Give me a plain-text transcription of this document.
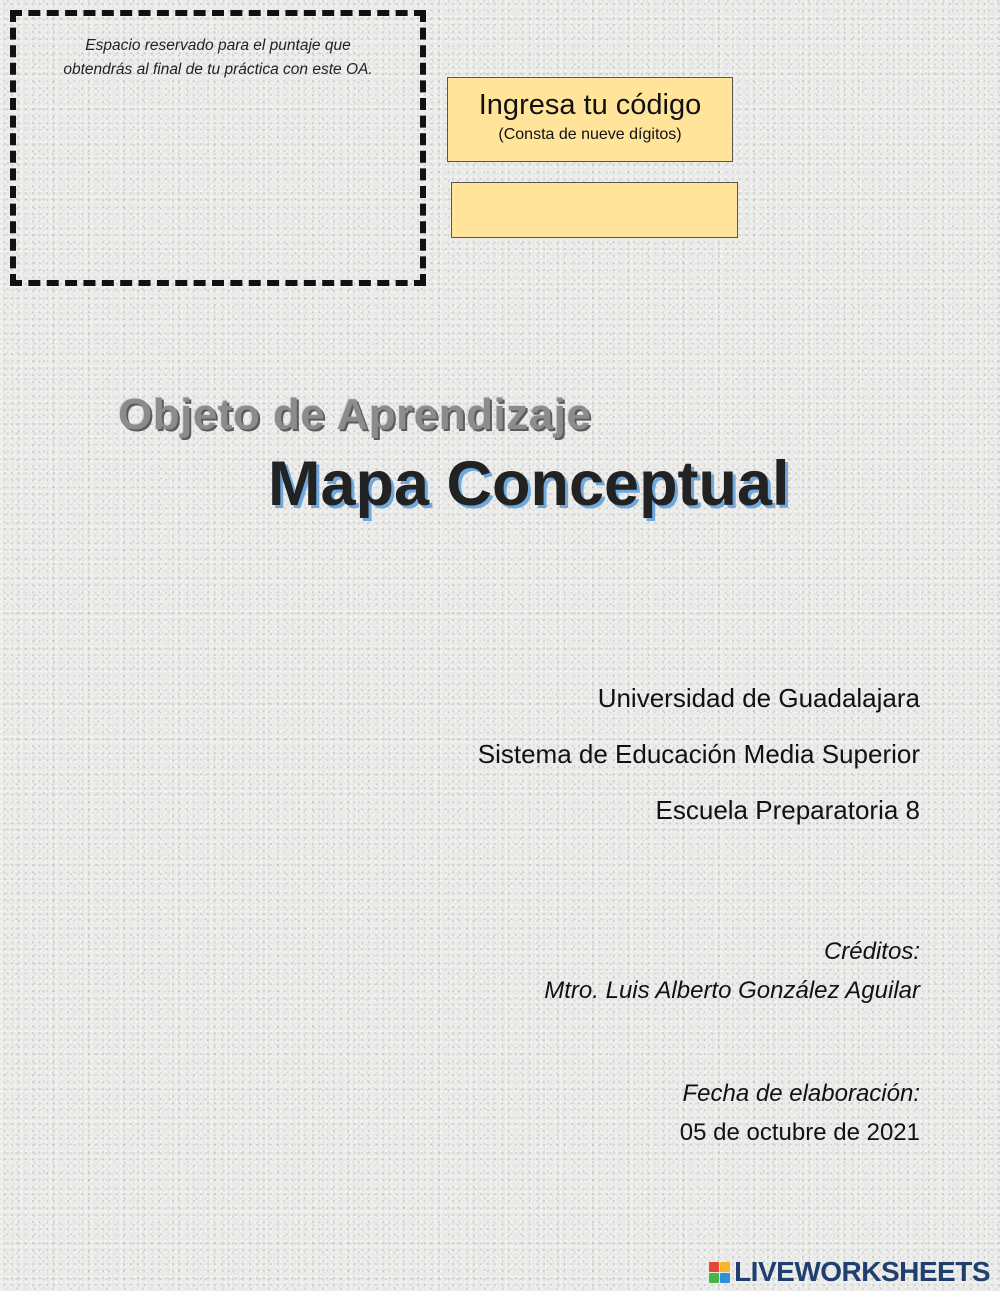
Espacio reservado para el puntaje que
obtendrás al final de tu práctica con este OA.
Ingresa tu código
(Consta de nueve dígitos)
Objeto de Aprendizaje
Mapa Conceptual
Universidad de Guadalajara
Sistema de Educación Media Superior
Escuela Preparatoria 8
Créditos:
Mtro. Luis Alberto González Aguilar
Fecha de elaboración:
05 de octubre de 2021
LIVEWORKSHEETS
